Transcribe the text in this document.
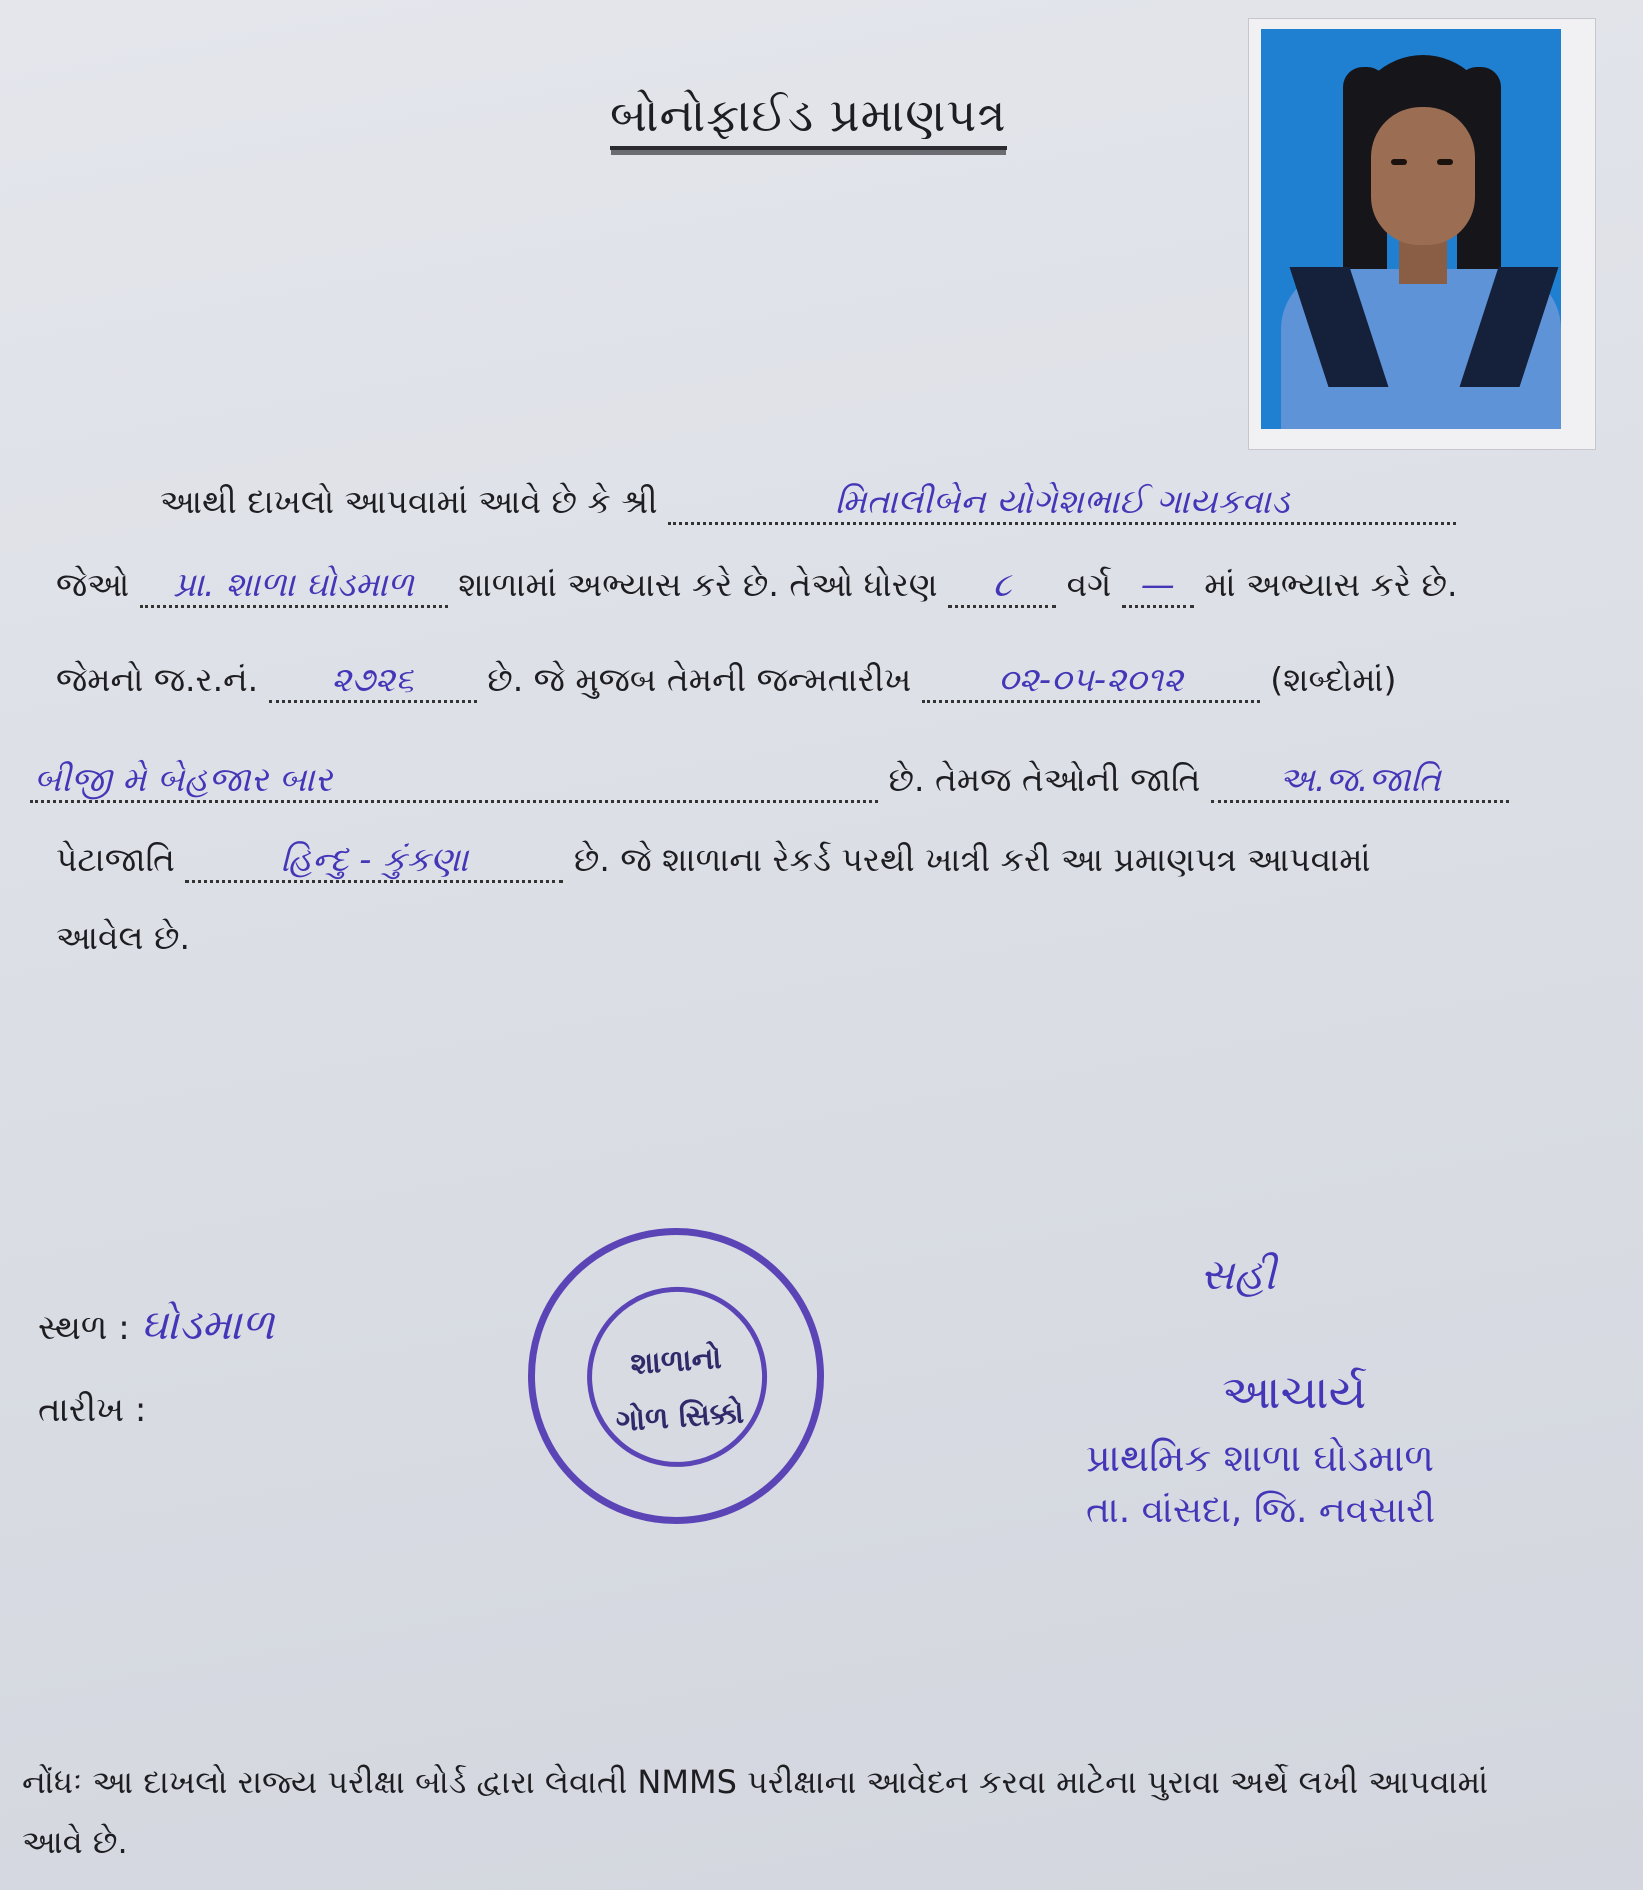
બોનોફાઈડ પ્રમાણપત્ર
આથી દાખલો આપવામાં આવે છે કે શ્રી	મિતાલીબેન યોગેશભાઈ ગાયકવાડ
જેઓ પ્રા. શાળા ઘોડમાળ શાળામાં અભ્યાસ કરે છે. તેઓ ધોરણ ૮ વર્ગ — માં અભ્યાસ કરે છે.
જેમનો જ.ર.નં. ૨૭૨૬ છે. જે મુજબ તેમની જન્મતારીખ	૦૨-૦૫-૨૦૧૨	(શબ્દોમાં)
બીજી મે બેહજાર બાર	છે. તેમજ તેઓની જાતિ અ.જ.જાતિ
પેટાજાતિ	હિન્દુ - કુંકણા	છે. જે શાળાના રેકર્ડ પરથી ખાત્રી કરી આ પ્રમાણપત્ર આપવામાં
આવેલ છે.
સ્થળ : ઘોડમાળ
તારીખ :
શાળાનો
ગોળ સિક્કો
સહી
આચાર્ય
પ્રાથમિક શાળા ઘોડમાળ
તા. વાંસદા, જિ. નવસારી
નોંધઃ આ દાખલો રાજ્ય પરીક્ષા બોર્ડ દ્વારા લેવાતી NMMS પરીક્ષાના આવેદન કરવા માટેના પુરાવા અર્થે લખી આપવામાં આવે છે.
